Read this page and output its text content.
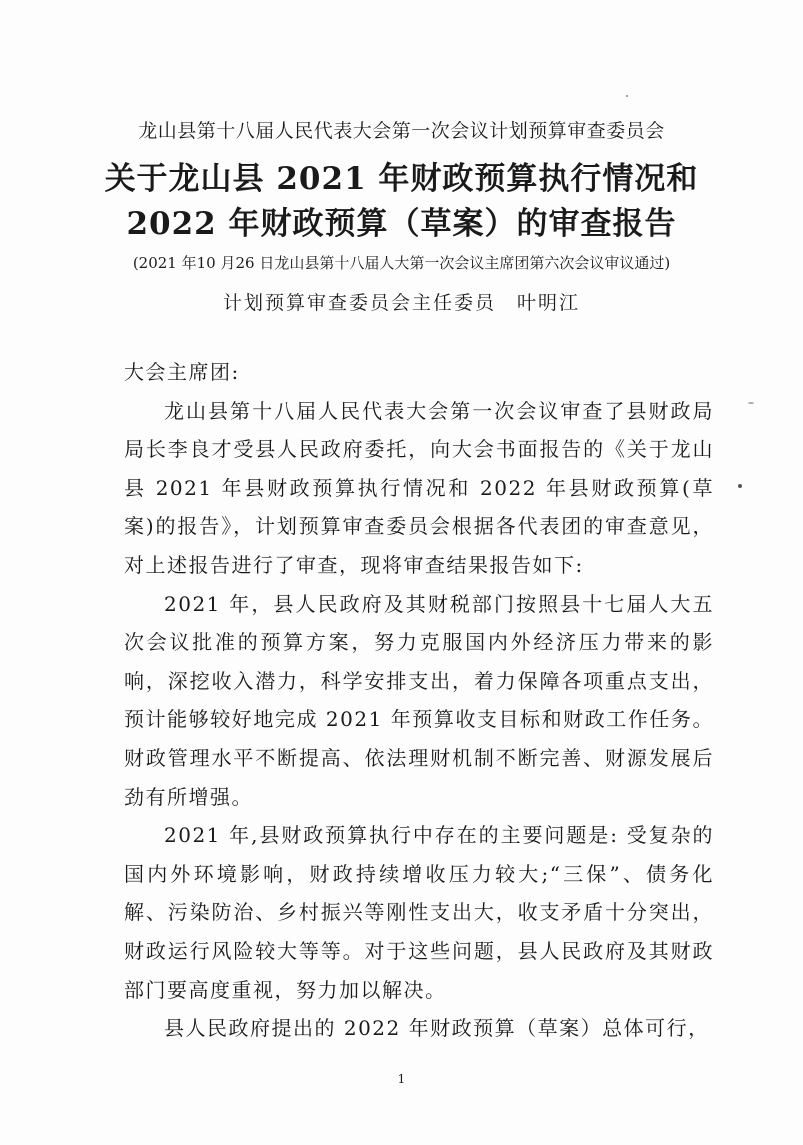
龙山县第十八届人民代表大会第一次会议计划预算审查委员会
关于龙山县 2021 年财政预算执行情况和
2022 年财政预算（草案）的审查报告
(2021 年10 月26 日龙山县第十八届人大第一次会议主席团第六次会议审议通过)
计划预算审查委员会主任委员　叶明江

大会主席团:

龙山县第十八届人民代表大会第一次会议审查了县财政局局长李良才受县人民政府委托，向大会书面报告的《关于龙山县 2021 年县财政预算执行情况和 2022 年县财政预算(草案)的报告》，计划预算审查委员会根据各代表团的审查意见，对上述报告进行了审查，现将审查结果报告如下:

2021 年，县人民政府及其财税部门按照县十七届人大五次会议批准的预算方案，努力克服国内外经济压力带来的影响，深挖收入潜力，科学安排支出，着力保障各项重点支出，预计能够较好地完成 2021 年预算收支目标和财政工作任务。财政管理水平不断提高、依法理财机制不断完善、财源发展后劲有所增强。

2021 年,县财政预算执行中存在的主要问题是: 受复杂的国内外环境影响，财政持续增收压力较大;“三保”、债务化解、污染防治、乡村振兴等刚性支出大，收支矛盾十分突出，财政运行风险较大等等。对于这些问题，县人民政府及其财政部门要高度重视，努力加以解决。

县人民政府提出的 2022 年财政预算（草案）总体可行，

1
